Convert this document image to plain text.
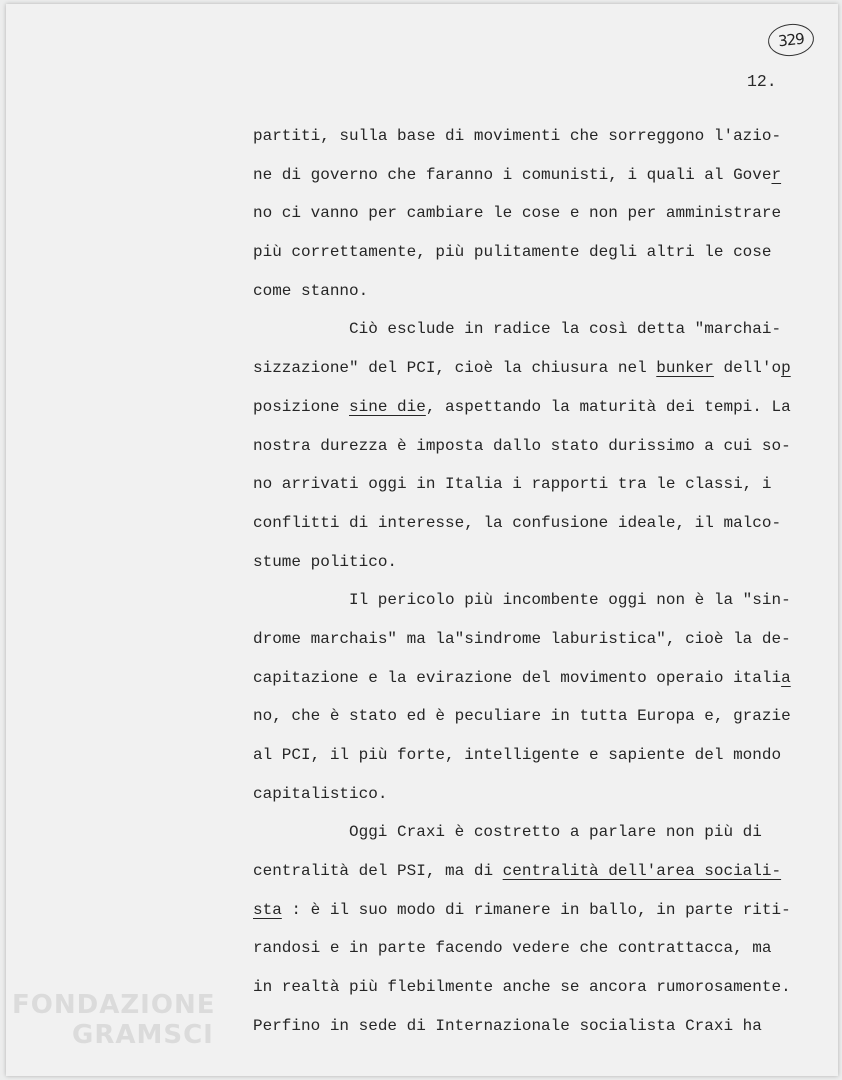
329
12.
partiti, sulla base di movimenti che sorreggono l'azio-
ne di governo che faranno i comunisti, i quali al Gover
no ci vanno per cambiare le cose e non per amministrare
più correttamente, più pulitamente degli altri le cose
come stanno.
Ciò esclude in radice la così detta "marchai-
sizzazione" del PCI, cioè la chiusura nel bunker dell'op
posizione sine die, aspettando la maturità dei tempi. La
nostra durezza è imposta dallo stato durissimo a cui so-
no arrivati oggi in Italia i rapporti tra le classi, i
conflitti di interesse, la confusione ideale, il malco-
stume politico.
Il pericolo più incombente oggi non è la "sin-
drome marchais" ma la"sindrome laburistica", cioè la de-
capitazione e la evirazione del movimento operaio italia
no, che è stato ed è peculiare in tutta Europa e, grazie
al PCI, il più forte, intelligente e sapiente del mondo
capitalistico.
Oggi Craxi è costretto a parlare non più di
centralità del PSI, ma di centralità dell'area sociali-
sta : è il suo modo di rimanere in ballo, in parte riti-
randosi e in parte facendo vedere che contrattacca, ma
in realtà più flebilmente anche se ancora rumorosamente.
Perfino in sede di Internazionale socialista Craxi ha
FONDAZIONE
GRAMSCI
